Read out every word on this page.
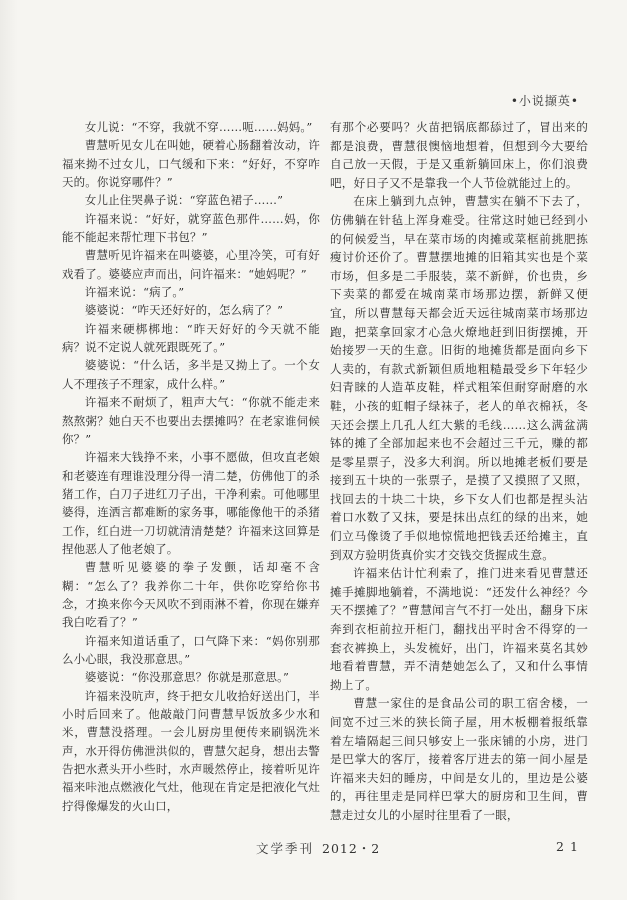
•小说撷英•

女儿说：“不穿，我就不穿……呃……妈妈。”

曹慧听见女儿在叫她，硬着心肠翻着汝动，许福来拗不过女儿，口气缓和下来：“好好，不穿咋天的。你说穿哪件？”

女儿止住哭鼻子说：“穿蓝色裙子……”

许福来说：“好好，就穿蓝色那件……妈，你能不能起来帮忙理下书包？”

曹慧听见许福来在叫婆婆，心里冷笑，可有好戏看了。婆婆应声而出，问许福来：“她妈呢？”

许福来说：“病了。”

婆婆说：“咋天还好好的，怎么病了？”

许福来硬梆梆地：“昨天好好的今天就不能病？说不定说人就死跟既死了。”

婆婆说：“什么话，多半是又拗上了。一个女人不理孩子不理家，成什么样。”

许福来不耐烦了，粗声大气：“你就不能走来熬熬粥？她白天不也要出去摆摊吗？在老家谁伺候你？”

许福来大钱挣不来，小事不愿做，但攻直老娘和老婆连有理谁没理分得一清二楚，仿佛他丁的杀猪工作，白刀子进红刀子出，干净利索。可他哪里婆得，连洒言都难断的家务事，哪能像他干的杀猪工作，红白进一刀切就清清楚楚？许福来这回算是捏他恶人了他老娘了。

曹慧听见婆婆的拳子发颤，话却毫不含糊：“怎么了？我养你二十年，供你吃穿给你书念，才换来你今天风吹不到雨淋不着，你现在嫌弃我白吃看了？”

许福来知道话重了，口气降下来：“妈你别那么小心眼，我没那意思。”

婆婆说：“你没那意思？你就是那意思。”

许福来没吭声，终于把女儿收拾好送出门，半小时后回来了。他敲敲门问曹慧早饭放多少水和米，曹慧没搭理。一会儿厨房里便传来刷锅洗米声，水开得仿佛泄洪似的，曹慧欠起身，想出去警告把水煮头开小些时，水声暖然停止，接着听见许福来咔池点燃液化气灶，他现在肯定是把液化气灶拧得像爆发的火山口，

有那个必要吗？火苗把锅底都舔过了，冒出来的都是浪费，曹慧很懊恼地想着，但想到今大要给自己放一天假，于是又重新躺回床上，你们浪费吧，好日子又不是靠我一个人节俭就能过上的。

在床上躺到九点钟，曹慧实在躺不下去了，仿佛躺在针毡上浑身难受。往常这时她已经到小的何候爱当，早在菜市场的肉摊或菜框前挑肥拣瘦讨价还价了。曹慧摆地摊的旧箱其实也是个菜市场，但多是二手服装，菜不新鲜，价也贵，乡下卖菜的都爱在城南菜市场那边摆，新鲜又便宜，所以曹慧每天都会近天远往城南菜市场那边跑，把菜拿回家才心急火燎地赶到旧街摆摊，开始接罗一天的生意。旧街的地摊货都是面向乡下人卖的，有款式新颖但质地粗糙最受乡下年轻少妇青睐的人造革皮鞋，样式粗笨但耐穿耐磨的水鞋，小孩的虹帽子绿袜子，老人的单衣棉袄，冬天还会摆上几孔人红大紫的毛线……这么满盆满钵的摊了全部加起来也不会超过三千元，赚的都是零星票子，没多大利润。所以地摊老板们要是接到五十块的一张票子，是摸了又摸照了又照，找回去的十块二十块，乡下女人们也都是捏头沾着口水数了又抹，要是抹出点红的绿的出来，她们立马像烫了手似地惊慌地把钱丢还给摊主，直到双方验明货真价实才交钱交货握成生意。

许福来估计忙利索了，推门进来看见曹慧还摊手摊脚地躺着，不满地说：“还发什么神经？今天不摆摊了？”曹慧闻言气不打一处出，翻身下床奔到衣柜前拉开柜门，翻找出平时舍不得穿的一套衣裤换上，头发梳好，出门，许福来莫名其妙地看着曹慧，弄不清楚她怎么了，又和什么事情拗上了。

曹慧一家住的是食品公司的职工宿舍楼，一间宽不过三米的狭长筒子屋，用木板棚着报纸靠着左墙隔起三间只够安上一张床铺的小房，进门是巴掌大的客厅，接着客厅进去的第一间小屋是许福来夫妇的睡房，中间是女儿的，里边是公婆的，再往里走是同样巴掌大的厨房和卫生间，曹慧走过女儿的小屋时往里看了一眼，

文学季刊 2012・2	21
